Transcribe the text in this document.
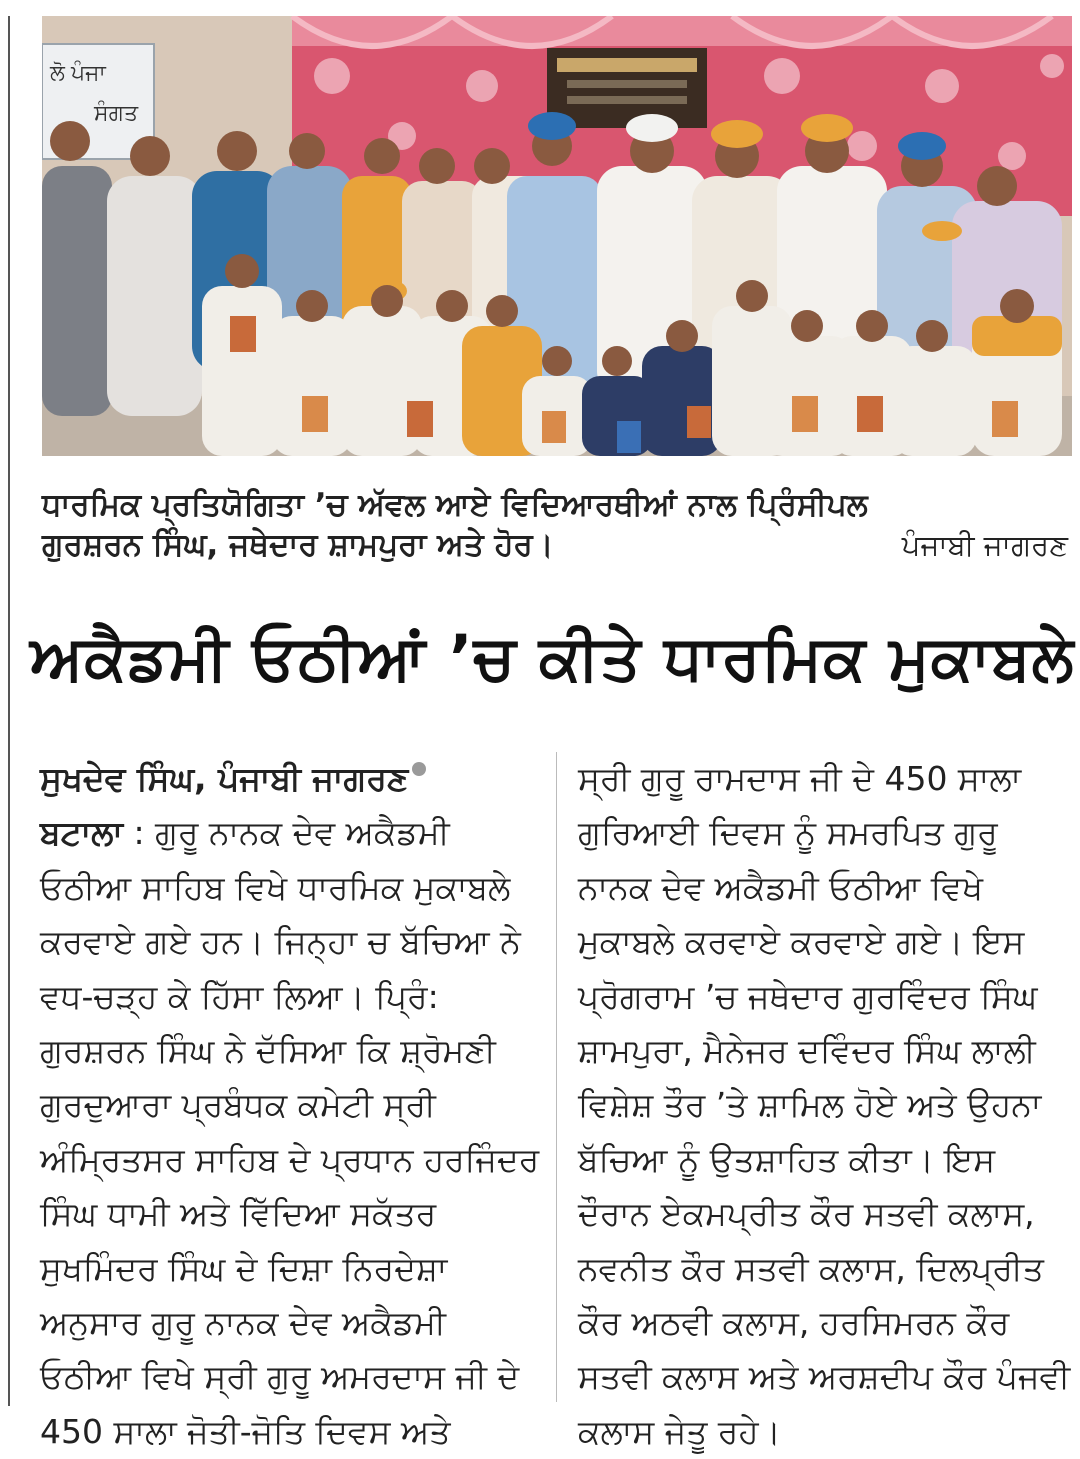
ਲੋ ਪੰਜਾ
ਸੰਗਤ
ਧਾਰਮਿਕ ਪ੍ਰਤਿਯੋਗਿਤਾ ’ਚ ਅੱਵਲ ਆਏ ਵਿਦਿਆਰਥੀਆਂ ਨਾਲ ਪ੍ਰਿੰਸੀਪਲ
ਗੁਰਸ਼ਰਨ ਸਿੰਘ, ਜਥੇਦਾਰ ਸ਼ਾਮਪੁਰਾ ਅਤੇ ਹੋਰ।	ਪੰਜਾਬੀ ਜਾਗਰਣ
ਅਕੈਡਮੀ ਓਠੀਆਂ ’ਚ ਕੀਤੇ ਧਾਰਮਿਕ ਮੁਕਾਬਲੇ

ਸੁਖਦੇਵ ਸਿੰਘ, ਪੰਜਾਬੀ ਜਾਗਰਣ

ਬਟਾਲਾ : ਗੁਰੂ ਨਾਨਕ ਦੇਵ ਅਕੈਡਮੀ ਓਠੀਆ ਸਾਹਿਬ ਵਿਖੇ ਧਾਰਮਿਕ ਮੁਕਾਬਲੇ ਕਰਵਾਏ ਗਏ ਹਨ। ਜਿਨ੍ਹਾ ਚ ਬੱਚਿਆ ਨੇ ਵਧ-ਚੜ੍ਹ ਕੇ ਹਿੱਸਾ ਲਿਆ। ਪ੍ਰਿੰ: ਗੁਰਸ਼ਰਨ ਸਿੰਘ ਨੇ ਦੱਸਿਆ ਕਿ ਸ਼੍ਰੋਮਣੀ ਗੁਰਦੁਆਰਾ ਪ੍ਰਬੰਧਕ ਕਮੇਟੀ ਸ੍ਰੀ ਅੰਮ੍ਰਿਤਸਰ ਸਾਹਿਬ ਦੇ ਪ੍ਰਧਾਨ ਹਰਜਿੰਦਰ ਸਿੰਘ ਧਾਮੀ ਅਤੇ ਵਿੱਦਿਆ ਸਕੱਤਰ ਸੁਖਮਿੰਦਰ ਸਿੰਘ ਦੇ ਦਿਸ਼ਾ ਨਿਰਦੇਸ਼ਾ ਅਨੁਸਾਰ ਗੁਰੂ ਨਾਨਕ ਦੇਵ ਅਕੈਡਮੀ ਓਠੀਆ ਵਿਖੇ ਸ੍ਰੀ ਗੁਰੂ ਅਮਰਦਾਸ ਜੀ ਦੇ 450 ਸਾਲਾ ਜੋਤੀ-ਜੋਤਿ ਦਿਵਸ ਅਤੇ

ਸ੍ਰੀ ਗੁਰੂ ਰਾਮਦਾਸ ਜੀ ਦੇ 450 ਸਾਲਾ ਗੁਰਿਆਈ ਦਿਵਸ ਨੂੰ ਸਮਰਪਿਤ ਗੁਰੂ ਨਾਨਕ ਦੇਵ ਅਕੈਡਮੀ ਓਠੀਆ ਵਿਖੇ ਮੁਕਾਬਲੇ ਕਰਵਾਏ ਕਰਵਾਏ ਗਏ। ਇਸ ਪ੍ਰੋਗਰਾਮ ’ਚ ਜਥੇਦਾਰ ਗੁਰਵਿੰਦਰ ਸਿੰਘ ਸ਼ਾਮਪੁਰਾ, ਮੈਨੇਜਰ ਦਵਿੰਦਰ ਸਿੰਘ ਲਾਲੀ ਵਿਸ਼ੇਸ਼ ਤੌਰ ’ਤੇ ਸ਼ਾਮਿਲ ਹੋਏ ਅਤੇ ਉਹਨਾ ਬੱਚਿਆ ਨੂੰ ਉਤਸ਼ਾਹਿਤ ਕੀਤਾ। ਇਸ ਦੌਰਾਨ ਏਕਮਪ੍ਰੀਤ ਕੌਰ ਸਤਵੀ ਕਲਾਸ, ਨਵਨੀਤ ਕੌਰ ਸਤਵੀ ਕਲਾਸ, ਦਿਲਪ੍ਰੀਤ ਕੌਰ ਅਠਵੀ ਕਲਾਸ, ਹਰਸਿਮਰਨ ਕੌਰ ਸਤਵੀ ਕਲਾਸ ਅਤੇ ਅਰਸ਼ਦੀਪ ਕੌਰ ਪੰਜਵੀ ਕਲਾਸ ਜੇਤੂ ਰਹੇ।
